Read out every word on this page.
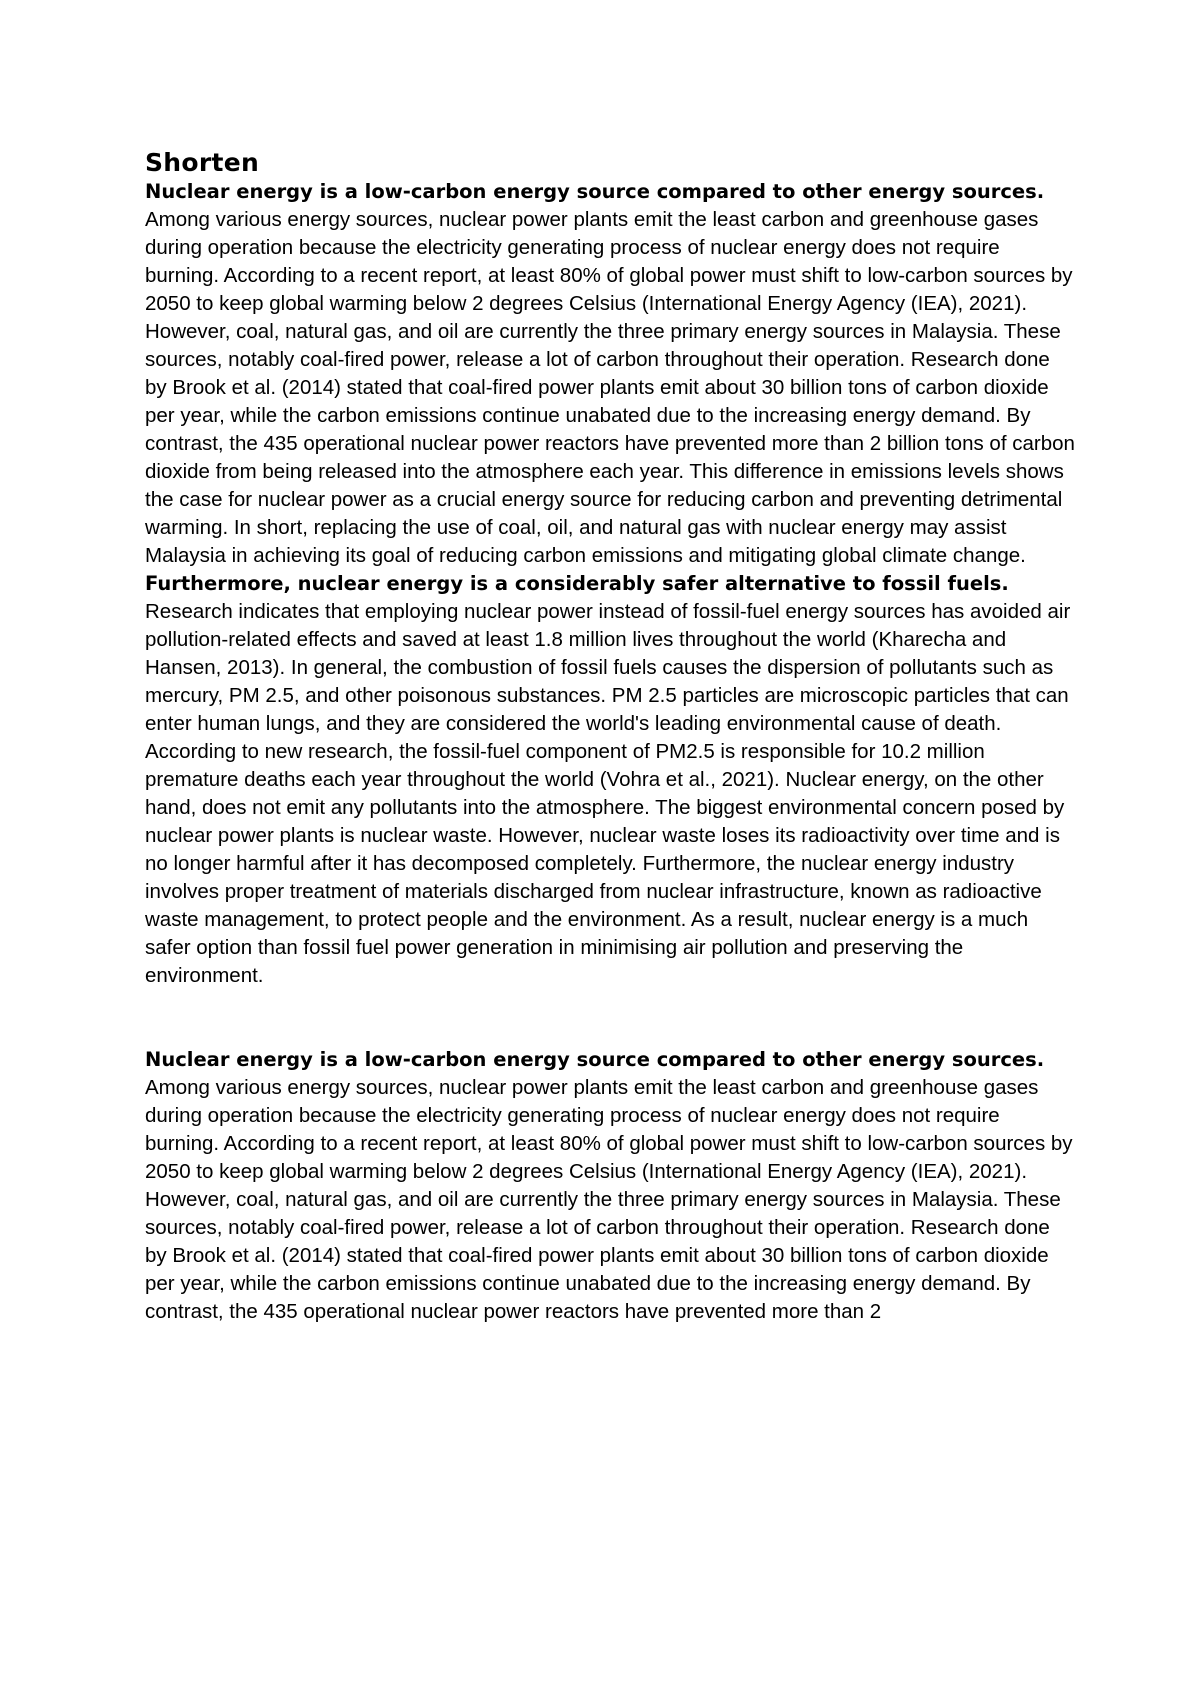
Shorten

Nuclear energy is a low-carbon energy source compared to other energy sources. Among various energy sources, nuclear power plants emit the least carbon and greenhouse gases during operation because the electricity generating process of nuclear energy does not require burning. According to a recent report, at least 80% of global power must shift to low-carbon sources by 2050 to keep global warming below 2 degrees Celsius (International Energy Agency (IEA), 2021). However, coal, natural gas, and oil are currently the three primary energy sources in Malaysia. These sources, notably coal-fired power, release a lot of carbon throughout their operation. Research done by Brook et al. (2014) stated that coal-fired power plants emit about 30 billion tons of carbon dioxide per year, while the carbon emissions continue unabated due to the increasing energy demand. By contrast, the 435 operational nuclear power reactors have prevented more than 2 billion tons of carbon dioxide from being released into the atmosphere each year. This difference in emissions levels shows the case for nuclear power as a crucial energy source for reducing carbon and preventing detrimental warming. In short, replacing the use of coal, oil, and natural gas with nuclear energy may assist Malaysia in achieving its goal of reducing carbon emissions and mitigating global climate change.

Furthermore, nuclear energy is a considerably safer alternative to fossil fuels. Research indicates that employing nuclear power instead of fossil-fuel energy sources has avoided air pollution-related effects and saved at least 1.8 million lives throughout the world (Kharecha and Hansen, 2013). In general, the combustion of fossil fuels causes the dispersion of pollutants such as mercury, PM 2.5, and other poisonous substances. PM 2.5 particles are microscopic particles that can enter human lungs, and they are considered the world's leading environmental cause of death. According to new research, the fossil-fuel component of PM2.5 is responsible for 10.2 million premature deaths each year throughout the world (Vohra et al., 2021). Nuclear energy, on the other hand, does not emit any pollutants into the atmosphere. The biggest environmental concern posed by nuclear power plants is nuclear waste. However, nuclear waste loses its radioactivity over time and is no longer harmful after it has decomposed completely. Furthermore, the nuclear energy industry involves proper treatment of materials discharged from nuclear infrastructure, known as radioactive waste management, to protect people and the environment. As a result, nuclear energy is a much safer option than fossil fuel power generation in minimising air pollution and preserving the environment.

Nuclear energy is a low-carbon energy source compared to other energy sources. Among various energy sources, nuclear power plants emit the least carbon and greenhouse gases during operation because the electricity generating process of nuclear energy does not require burning. According to a recent report, at least 80% of global power must shift to low-carbon sources by 2050 to keep global warming below 2 degrees Celsius (International Energy Agency (IEA), 2021). However, coal, natural gas, and oil are currently the three primary energy sources in Malaysia. These sources, notably coal-fired power, release a lot of carbon throughout their operation. Research done by Brook et al. (2014) stated that coal-fired power plants emit about 30 billion tons of carbon dioxide per year, while the carbon emissions continue unabated due to the increasing energy demand. By contrast, the 435 operational nuclear power reactors have prevented more than 2
